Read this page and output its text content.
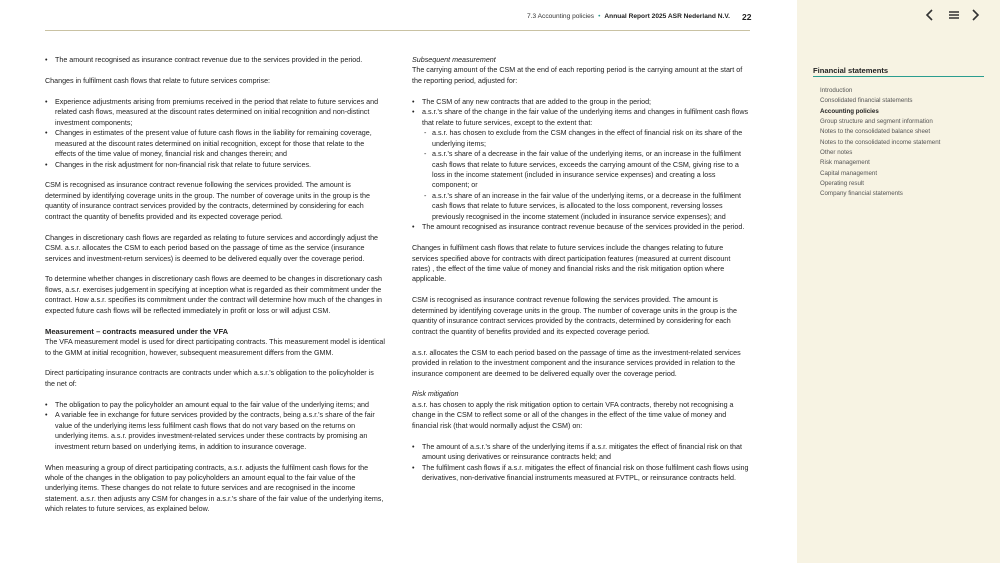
7.3 Accounting policies • Annual Report 2025 ASR Nederland N.V. 22
• The amount recognised as insurance contract revenue due to the services provided in the period.

Changes in fulfilment cash flows that relate to future services comprise:

• Experience adjustments arising from premiums received in the period that relate to future services and related cash flows, measured at the discount rates determined on initial recognition and non-distinct investment components;
• Changes in estimates of the present value of future cash flows in the liability for remaining coverage, measured at the discount rates determined on initial recognition, except for those that relate to the effects of the time value of money, financial risk and changes therein; and
• Changes in the risk adjustment for non-financial risk that relate to future services.

CSM is recognised as insurance contract revenue following the services provided. The amount is determined by identifying coverage units in the group. The number of coverage units in the group is the quantity of insurance contract services provided by the contracts, determined by considering for each contract the quantity of benefits provided and its expected coverage period.

Changes in discretionary cash flows are regarded as relating to future services and accordingly adjust the CSM. a.s.r. allocates the CSM to each period based on the passage of time as the service (insurance services and investment-return services) is deemed to be delivered equally over the coverage period.

To determine whether changes in discretionary cash flows are deemed to be changes in discretionary cash flows, a.s.r. exercises judgement in specifying at inception what is regarded as their commitment under the contract. How a.s.r. specifies its commitment under the contract will determine how much of the changes in expected future cash flows will be reflected immediately in profit or loss or will adjust CSM.

Measurement – contracts measured under the VFA

The VFA measurement model is used for direct participating contracts. This measurement model is identical to the GMM at initial recognition, however, subsequent measurement differs from the GMM.

Direct participating insurance contracts are contracts under which a.s.r.'s obligation to the policyholder is the net of:

• The obligation to pay the policyholder an amount equal to the fair value of the underlying items; and
• A variable fee in exchange for future services provided by the contracts, being a.s.r.'s share of the fair value of the underlying items less fulfilment cash flows that do not vary based on the returns on underlying items. a.s.r. provides investment-related services under these contracts by promising an investment return based on underlying items, in addition to insurance coverage.

When measuring a group of direct participating contracts, a.s.r. adjusts the fulfilment cash flows for the whole of the changes in the obligation to pay policyholders an amount equal to the fair value of the underlying items. These changes do not relate to future services and are recognised in the income statement. a.s.r. then adjusts any CSM for changes in a.s.r.'s share of the fair value of the underlying items, which relates to future services, as explained below.

Subsequent measurement

The carrying amount of the CSM at the end of each reporting period is the carrying amount at the start of the reporting period, adjusted for:

• The CSM of any new contracts that are added to the group in the period;
• a.s.r.'s share of the change in the fair value of the underlying items and changes in fulfilment cash flows that relate to future services, except to the extent that:
- a.s.r. has chosen to exclude from the CSM changes in the effect of financial risk on its share of the underlying items;
- a.s.r.'s share of a decrease in the fair value of the underlying items, or an increase in the fulfilment cash flows that relate to future services, exceeds the carrying amount of the CSM, giving rise to a loss in the income statement (included in insurance service expenses) and creating a loss component; or
- a.s.r.'s share of an increase in the fair value of the underlying items, or a decrease in the fulfilment cash flows that relate to future services, is allocated to the loss component, reversing losses previously recognised in the income statement (included in insurance service expenses); and
• The amount recognised as insurance contract revenue because of the services provided in the period.

Changes in fulfilment cash flows that relate to future services include the changes relating to future services specified above for contracts with direct participation features (measured at current discount rates) , the effect of the time value of money and financial risks and the risk mitigation option where applicable.

CSM is recognised as insurance contract revenue following the services provided. The amount is determined by identifying coverage units in the group. The number of coverage units in the group is the quantity of insurance contract services provided by the contracts, determined by considering for each contract the quantity of benefits provided and its expected coverage period.

a.s.r. allocates the CSM to each period based on the passage of time as the investment-related services provided in relation to the investment component and the insurance services provided in relation to the insurance component are deemed to be delivered equally over the coverage period.

Risk mitigation

a.s.r. has chosen to apply the risk mitigation option to certain VFA contracts, thereby not recognising a change in the CSM to reflect some or all of the changes in the effect of the time value of money and financial risk (that would normally adjust the CSM) on:

• The amount of a.s.r.'s share of the underlying items if a.s.r. mitigates the effect of financial risk on that amount using derivatives or reinsurance contracts held; and
• The fulfilment cash flows if a.s.r. mitigates the effect of financial risk on those fulfilment cash flows using derivatives, non-derivative financial instruments measured at FVTPL, or reinsurance contracts held.
Financial statements
Introduction
Consolidated financial statements
Accounting policies
Group structure and segment information
Notes to the consolidated balance sheet
Notes to the consolidated income statement
Other notes
Risk management
Capital management
Operating result
Company financial statements
